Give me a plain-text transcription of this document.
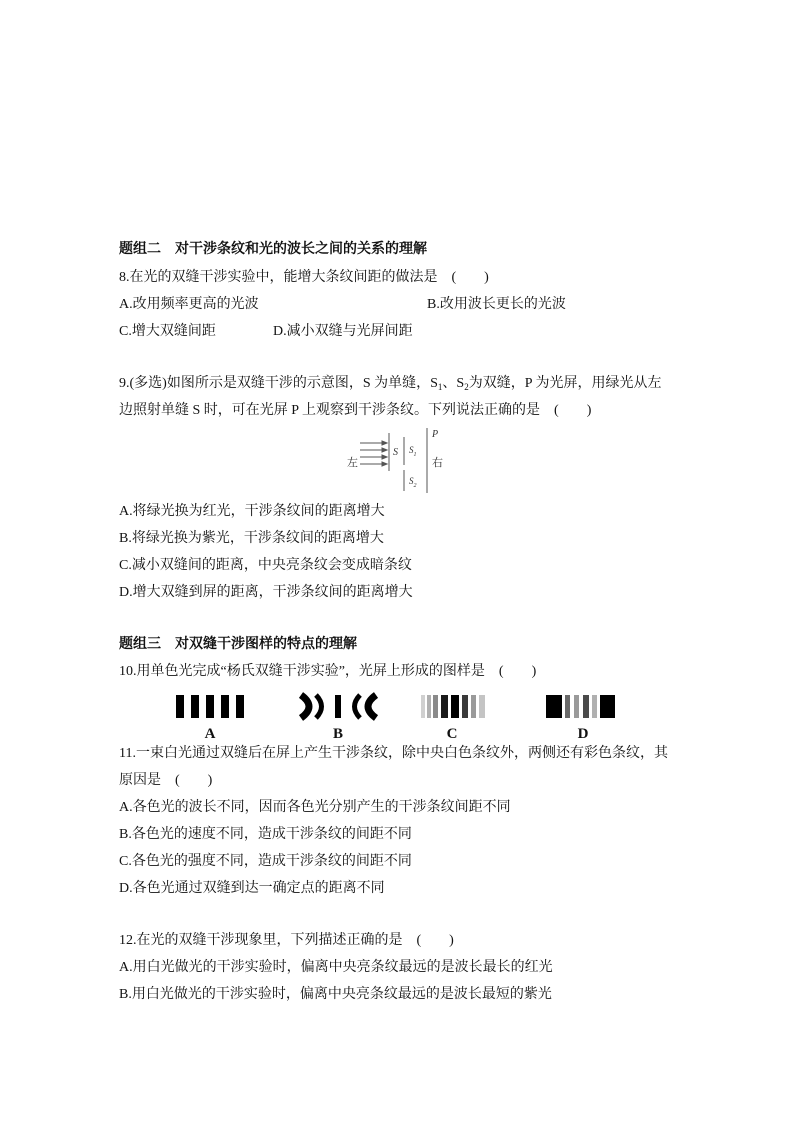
题组二　对干涉条纹和光的波长之间的关系的理解
8.在光的双缝干涉实验中，能增大条纹间距的做法是　(　　)
A.改用频率更高的光波	B.改用波长更长的光波
C.增大双缝间距	D.减小双缝与光屏间距
9.(多选)如图所示是双缝干涉的示意图，S 为单缝，$S_1$、$S_2$为双缝，P 为光屏，用绿光从左
边照射单缝 S 时，可在光屏 P 上观察到干涉条纹。下列说法正确的是　(　　)
左
S $S_1$
$S_2$
P
右
A.将绿光换为红光，干涉条纹间的距离增大
B.将绿光换为紫光，干涉条纹间的距离增大
C.减小双缝间的距离，中央亮条纹会变成暗条纹
D.增大双缝到屏的距离，干涉条纹间的距离增大
题组三　对双缝干涉图样的特点的理解
10.用单色光完成“杨氏双缝干涉实验”，光屏上形成的图样是　(　　)
A	B	C	D
11.一束白光通过双缝后在屏上产生干涉条纹，除中央白色条纹外，两侧还有彩色条纹，其
原因是　(　　)
A.各色光的波长不同，因而各色光分别产生的干涉条纹间距不同
B.各色光的速度不同，造成干涉条纹的间距不同
C.各色光的强度不同，造成干涉条纹的间距不同
D.各色光通过双缝到达一确定点的距离不同
12.在光的双缝干涉现象里，下列描述正确的是　(　　)
A.用白光做光的干涉实验时，偏离中央亮条纹最远的是波长最长的红光
B.用白光做光的干涉实验时，偏离中央亮条纹最远的是波长最短的紫光
